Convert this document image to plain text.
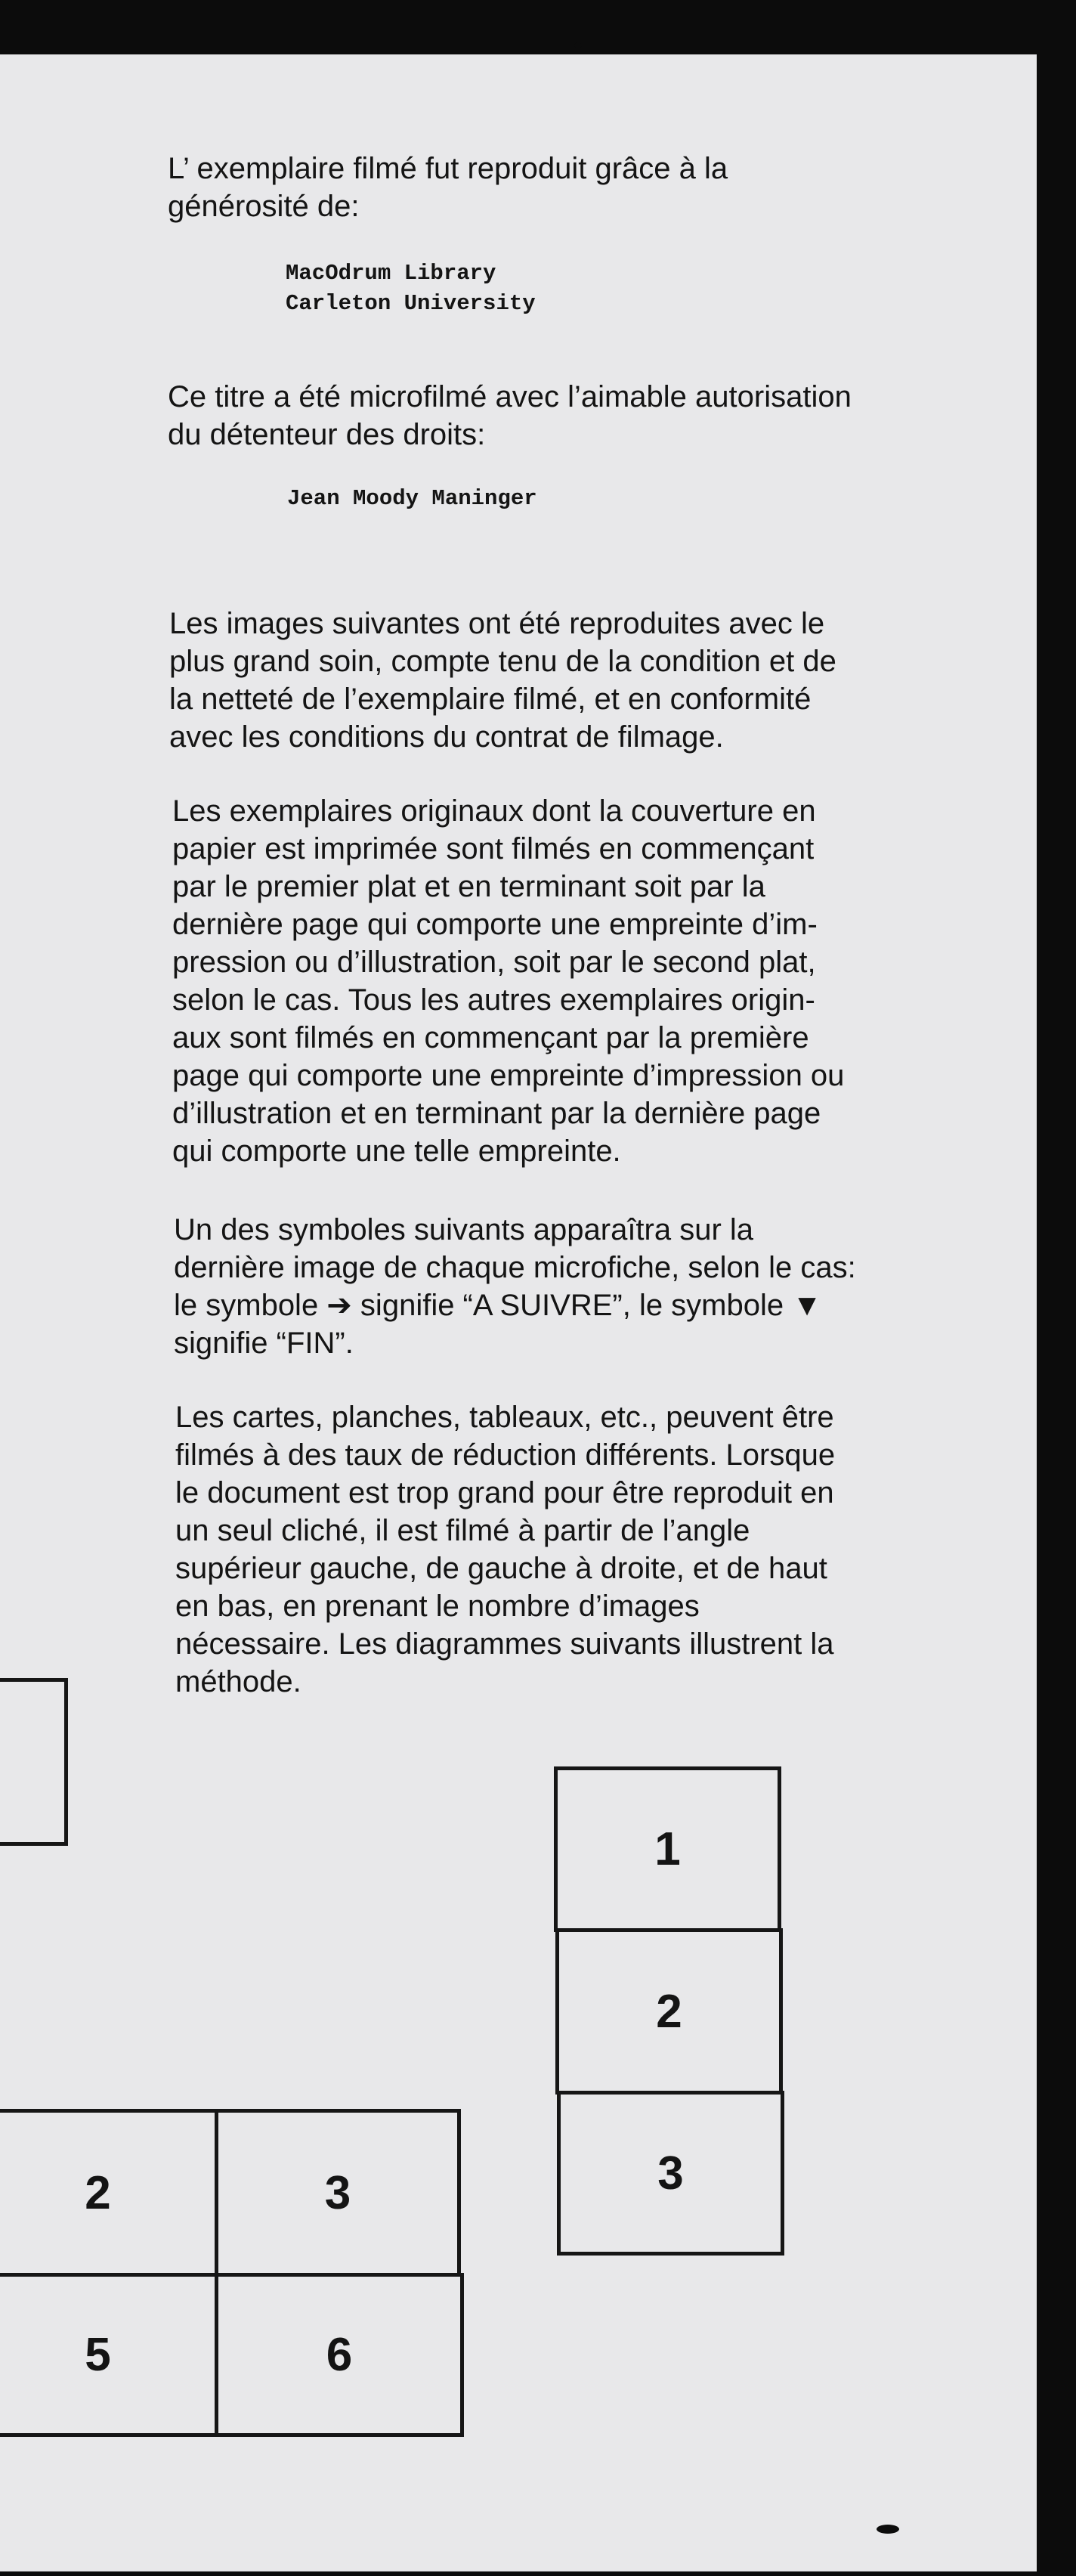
L’ exemplaire filmé fut reproduit grâce à la
générosité de:

MacOdrum Library
Carleton University

Ce titre a été microfilmé avec l’aimable autorisation
du détenteur des droits:

Jean Moody Maninger

Les images suivantes ont été reproduites avec le
plus grand soin, compte tenu de la condition et de
la netteté de l’exemplaire filmé, et en conformité
avec les conditions du contrat de filmage.

Les exemplaires originaux dont la couverture en
papier est imprimée sont filmés en commençant
par le premier plat et en terminant soit par la
dernière page qui comporte une empreinte d’im-
pression ou d’illustration, soit par le second plat,
selon le cas. Tous les autres exemplaires origin-
aux sont filmés en commençant par la première
page qui comporte une empreinte d’impression ou
d’illustration et en terminant par la dernière page
qui comporte une telle empreinte.

Un des symboles suivants apparaîtra sur la
dernière image de chaque microfiche, selon le cas:
le symbole ➔ signifie “A SUIVRE”, le symbole ▼
signifie “FIN”.

Les cartes, planches, tableaux, etc., peuvent être
filmés à des taux de réduction différents. Lorsque
le document est trop grand pour être reproduit en
un seul cliché, il est filmé à partir de l’angle
supérieur gauche, de gauche à droite, et de haut
en bas, en prenant le nombre d’images
nécessaire. Les diagrammes suivants illustrent la
méthode.

1
2
3
2	3
5	6
